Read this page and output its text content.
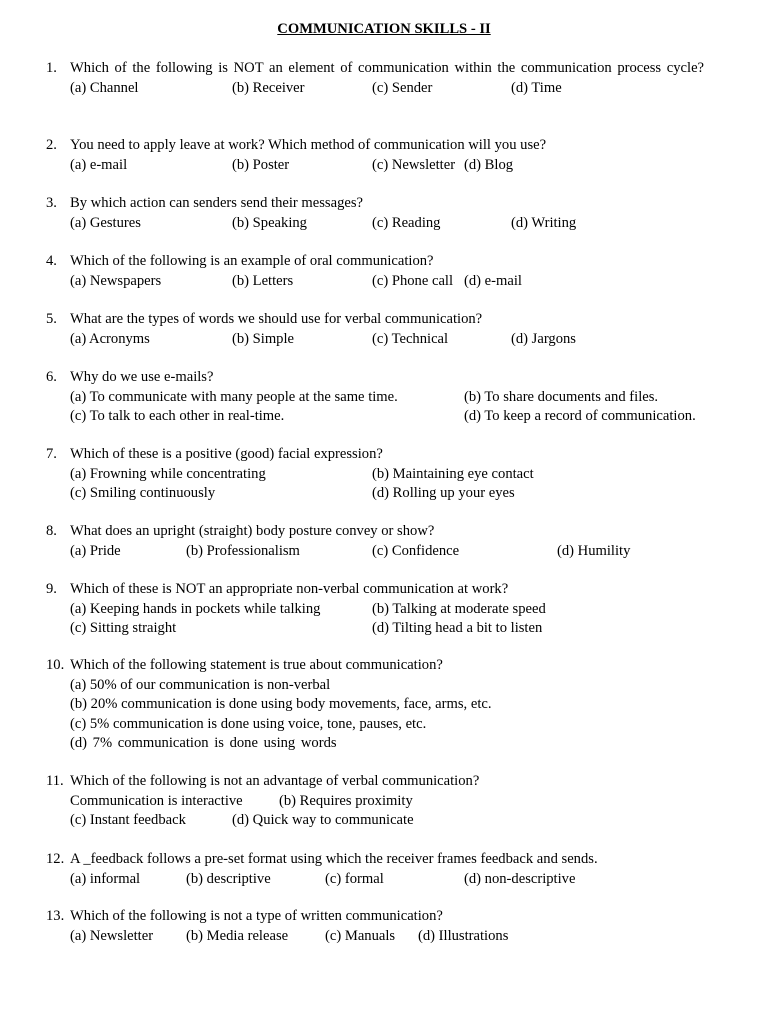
COMMUNICATION SKILLS - II
1. Which of the following is NOT an element of communication within the communication process cycle?
(a) Channel	(b) Receiver	(c) Sender	(d) Time
2. You need to apply leave at work? Which method of communication will you use?
(a) e-mail	(b) Poster	(c) Newsletter (d) Blog
3. By which action can senders send their messages?
(a) Gestures	(b) Speaking	(c) Reading	(d) Writing
4. Which of the following is an example of oral communication?
(a) Newspapers	(b) Letters	(c) Phone call (d) e-mail
5. What are the types of words we should use for verbal communication?
(a) Acronyms	(b) Simple	(c) Technical	(d) Jargons
6. Why do we use e-mails?
(a) To communicate with many people at the same time.	(b) To share documents and files.
(c) To talk to each other in real-time.	(d) To keep a record of communication.
7. Which of these is a positive (good) facial expression?
(a) Frowning while concentrating	(b) Maintaining eye contact
(c) Smiling continuously	(d) Rolling up your eyes
8. What does an upright (straight) body posture convey or show?
(a) Pride	(b) Professionalism	(c) Confidence	(d) Humility
9. Which of these is NOT an appropriate non-verbal communication at work?
(a) Keeping hands in pockets while talking	(b) Talking at moderate speed
(c) Sitting straight	(d) Tilting head a bit to listen
10. Which of the following statement is true about communication?
(a) 50% of our communication is non-verbal
(b) 20% communication is done using body movements, face, arms, etc.
(c) 5% communication is done using voice, tone, pauses, etc.
(d) 7% communication is done using words
11. Which of the following is not an advantage of verbal communication?
Communication is interactive (b) Requires proximity
(c) Instant feedback	(d) Quick way to communicate
12. A _feedback follows a pre-set format using which the receiver frames feedback and sends.
(a) informal	(b) descriptive	(c) formal	(d) non-descriptive
13. Which of the following is not a type of written communication?
(a) Newsletter (b) Media release	(c) Manuals (d) Illustrations
